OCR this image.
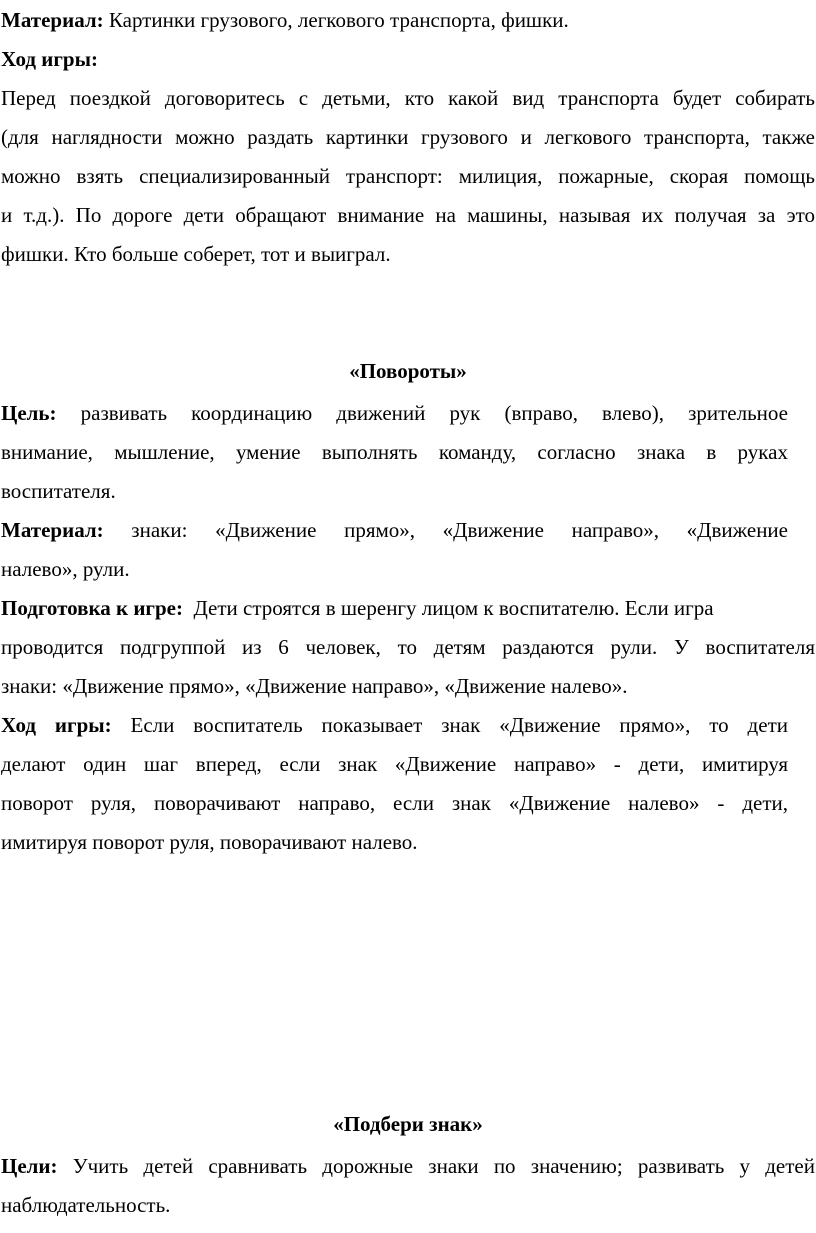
Материал: Картинки грузового, легкового транспорта, фишки.
Ход игры:
Перед поездкой договоритесь с детьми, кто какой вид транспорта будет собирать
(для наглядности можно раздать картинки грузового и легкового транспорта, также
можно взять специализированный транспорт: милиция, пожарные, скорая помощь
и т.д.). По дороге дети обращают внимание на машины, называя их получая за это
фишки. Кто больше соберет, тот и выиграл.
«Повороты»
Цель: развивать координацию движений рук (вправо, влево), зрительное
внимание, мышление, умение выполнять команду, согласно знака в руках
воспитателя.
Материал: знаки: «Движение прямо», «Движение направо», «Движение
налево», рули.
Подготовка к игре:  Дети строятся в шеренгу лицом к воспитателю. Если игра
проводится подгруппой из 6 человек, то детям раздаются рули. У воспитателя
знаки: «Движение прямо», «Движение направо», «Движение налево».
Ход игры: Если воспитатель показывает знак «Движение прямо», то дети
делают один шаг вперед, если знак «Движение направо» - дети, имитируя
поворот руля, поворачивают направо, если знак «Движение налево» - дети,
имитируя поворот руля, поворачивают налево.
«Подбери знак»
Цели: Учить детей сравнивать дорожные знаки по значению; развивать у детей
наблюдательность.
